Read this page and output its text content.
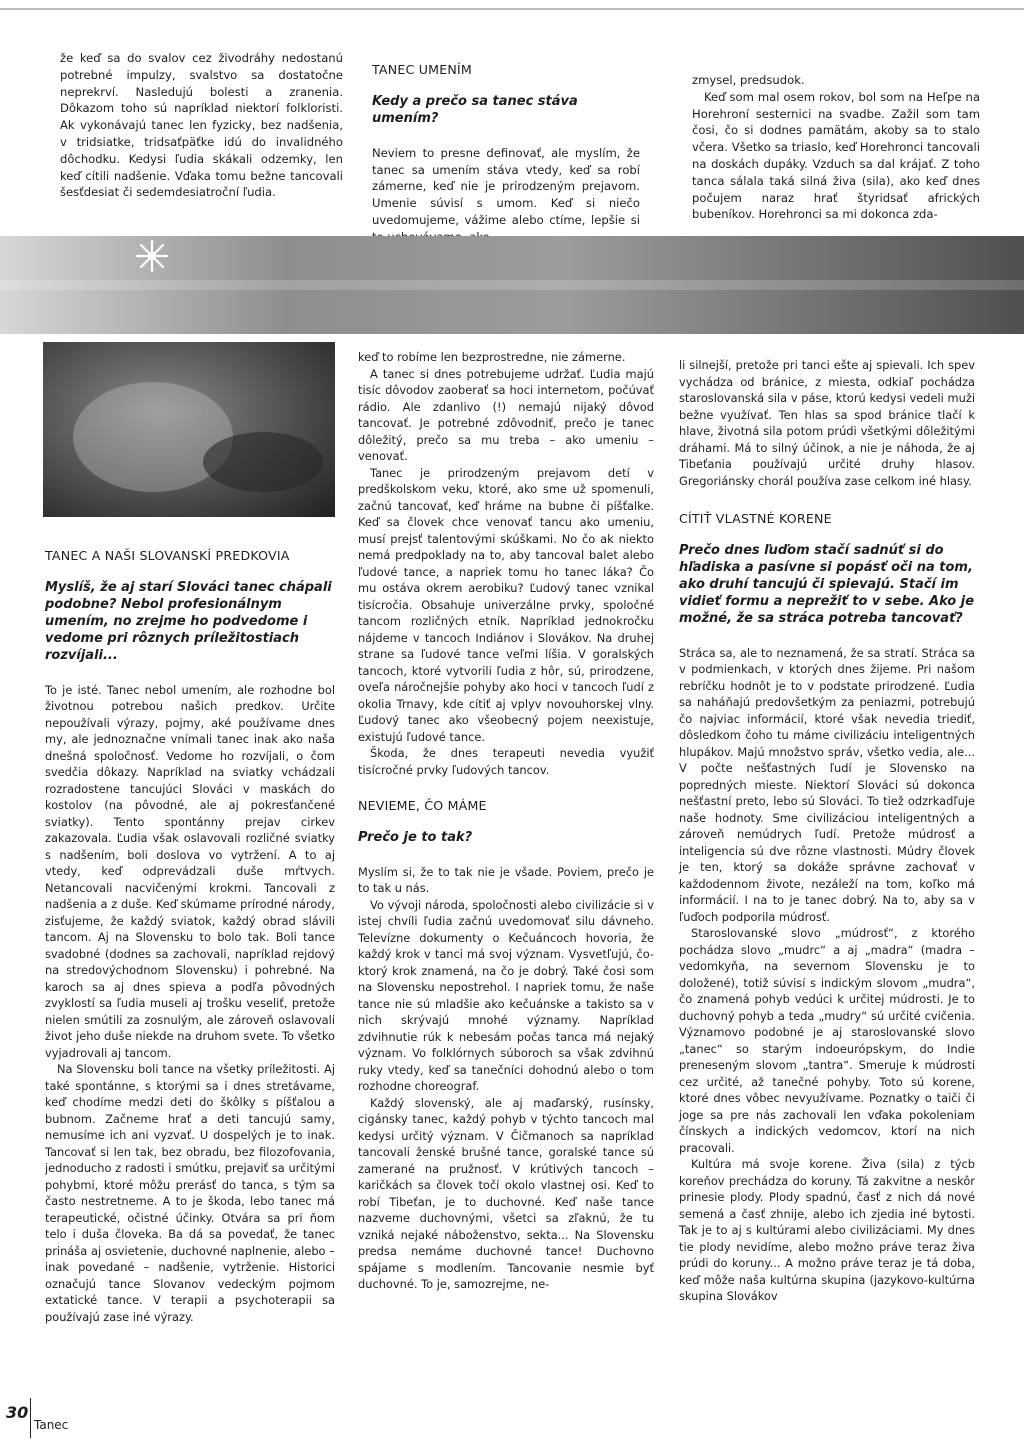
že keď sa do svalov cez živodráhy nedostanú potrebné impulzy, svalstvo sa dostatočne neprekrví. Nasledujú bolesti a zranenia. Dôkazom toho sú napríklad niektorí folkloristi. Ak vykonávajú tanec len fyzicky, bez nadšenia, v tridsiatke, tridsaťpäťke idú do invalidného dôchodku. Kedysi ľudia skákali odzemky, len keď cítili nadšenie. Vďaka tomu bežne tancovali šesťdesiat či sedemdesiatroční ľudia.

TANEC UMENÍM
Kedy a prečo sa tanec stáva umením?

Neviem to presne definovať, ale myslím, že tanec sa umením stáva vtedy, keď sa robí zámerne, keď nie je prirodzeným prejavom. Umenie súvisí s umom. Keď si niečo uvedomujeme, vážime alebo ctíme, lepšie si

zmysel, predsudok.

Keď som mal osem rokov, bol som na Heľpe na Horehroní sesternici na svadbe. Zažil som tam čosi, čo si dodnes pamätám, akoby sa to stalo včera. Všetko sa triaslo, keď Horehronci tancovali na doskách dupáky. Vzduch sa dal krájať. Z toho tanca sálala taká silná živa (sila), ako keď dnes počujem naraz hrať štyridsať afrických bubeníkov. Horehronci sa mi dokonca zda-

TANEC A NAŠI SLOVANSKÍ PREDKOVIA
Myslíš, že aj starí Slováci tanec chápali podobne? Nebol profesionálnym umením, no zrejme ho podvedome i vedome pri rôznych príležitostiach rozvíjali...

To je isté. Tanec nebol umením, ale rozhodne bol životnou potrebou našich predkov. Určite nepoužívali výrazy, pojmy, aké používame dnes my, ale jednoznačne vnímali tanec inak ako naša dnešná spoločnosť. Vedome ho rozvíjali, o čom svedčia dôkazy. Napríklad na sviatky vchádzali rozradostene tancujúci Slováci v maskách do kostolov (na pôvodné, ale aj pokresťančené sviatky). Tento spontánny prejav cirkev zakazovala. Ľudia však oslavovali rozličné sviatky s nadšením, boli doslova vo vytržení. A to aj vtedy, keď odprevádzali duše mŕtvych. Netancovali nacvičenými krokmi. Tancovali z nadšenia a z duše. Keď skúmame prírodné národy, zisťujeme, že každý sviatok, každý obrad slávili tancom. Aj na Slovensku to bolo tak. Boli tance svadobné (dodnes sa zachovali, napríklad rejdový na stredovýchodnom Slovensku) i pohrebné. Na karoch sa aj dnes spieva a podľa pôvodných zvyklostí sa ľudia museli aj trošku veseliť, pretože nielen smútili za zosnulým, ale zároveň oslavovali život jeho duše niekde na druhom svete. To všetko vyjadrovali aj tancom.

Na Slovensku boli tance na všetky príležitosti. Aj také spontánne, s ktorými sa i dnes stretávame, keď chodíme medzi deti do škôlky s píšťalou a bubnom. Začneme hrať a deti tancujú samy, nemusíme ich ani vyzvať. U dospelých je to inak. Tancovať si len tak, bez obradu, bez filozofovania, jednoducho z radosti i smútku, prejaviť sa určitými pohybmi, ktoré môžu prerásť do tanca, s tým sa často nestretneme. A to je škoda, lebo tanec má terapeutické, očistné účinky. Otvára sa pri ňom telo i duša človeka. Ba dá sa povedať, že tanec prináša aj osvietenie, duchovné naplnenie, alebo – inak povedané – nadšenie, vytrženie. Historici označujú tance Slovanov vedeckým pojmom extatické tance. V terapii a psychoterapii sa používajú zase iné výrazy.

keď to robíme len bezprostredne, nie zámerne.

A tanec si dnes potrebujeme udržať. Ľudia majú tisíc dôvodov zaoberať sa hoci internetom, počúvať rádio. Ale zdanlivo (!) nemajú nijaký dôvod tancovať. Je potrebné zdôvodniť, prečo je tanec dôležitý, prečo sa mu treba – ako umeniu – venovať.

Tanec je prirodzeným prejavom detí v predškolskom veku, ktoré, ako sme už spomenuli, začnú tancovať, keď hráme na bubne či píšťalke. Keď sa človek chce venovať tancu ako umeniu, musí prejsť talentovými skúškami. No čo ak niekto nemá predpoklady na to, aby tancoval balet alebo ľudové tance, a napriek tomu ho tanec láka? Čo mu ostáva okrem aerobiku? Ľudový tanec vznikal tisícročia. Obsahuje univerzálne prvky, spoločné tancom rozličných etník. Napríklad jednokročku nájdeme v tancoch Indiánov i Slovákov. Na druhej strane sa ľudové tance veľmi líšia. V goralských tancoch, ktoré vytvorili ľudia z hôr, sú, prirodzene, oveľa náročnejšie pohyby ako hoci v tancoch ľudí z okolia Trnavy, kde cítiť aj vplyv novouhorskej vlny. Ľudový tanec ako všeobecný pojem neexistuje, existujú ľudové tance.

Škoda, že dnes terapeuti nevedia využiť tisícročné prvky ľudových tancov.

NEVIEME, ČO MÁME
Prečo je to tak?

Myslím si, že to tak nie je všade. Poviem, prečo je to tak u nás.

Vo vývoji národa, spoločnosti alebo civilizácie si v istej chvíli ľudia začnú uvedomovať silu dávneho. Televízne dokumenty o Kečuáncoch hovoria, že každý krok v tanci má svoj význam. Vysvetľujú, čo-ktorý krok znamená, na čo je dobrý. Také čosi som na Slovensku nepostrehol. I napriek tomu, že naše tance nie sú mladšie ako kečuánske a takisto sa v nich skrývajú mnohé významy. Napríklad zdvihnutie rúk k nebesám počas tanca má nejaký význam. Vo folklórnych súboroch sa však zdvihnú ruky vtedy, keď sa tanečníci dohodnú alebo o tom rozhodne choreograf.

Každý slovenský, ale aj maďarský, rusínsky, cigánsky tanec, každý pohyb v týchto tancoch mal kedysi určitý význam. V Čičmanoch sa napríklad tancovali ženské brušné tance, goralské tance sú zamerané na pružnosť. V krútivých tancoch – karičkách sa človek točí okolo vlastnej osi. Keď to robí Tibeťan, je to duchovné. Keď naše tance nazveme duchovnými, všetci sa zľaknú, že tu vzniká nejaké náboženstvo, sekta... Na Slovensku predsa nemáme duchovné tance! Duchovno spájame s modlením. Tancovanie nesmie byť duchovné. To je, samozrejme, ne-

li silnejší, pretože pri tanci ešte aj spievali. Ich spev vychádza od bránice, z miesta, odkiaľ pochádza staroslovanská sila v páse, ktorú kedysi vedeli muži bežne využívať. Ten hlas sa spod bránice tlačí k hlave, životná sila potom prúdi všetkými dôležitými dráhami. Má to silný účinok, a nie je náhoda, že aj Tibeťania používajú určité druhy hlasov. Gregoriánsky chorál používa zase celkom iné hlasy.

CÍTIŤ VLASTNÉ KORENE
Prečo dnes ľuďom stačí sadnúť si do hľadiska a pasívne si popásť oči na tom, ako druhí tancujú či spievajú. Stačí im vidieť formu a neprežiť to v sebe. Ako je možné, že sa stráca potreba tancovať?

Stráca sa, ale to neznamená, že sa stratí. Stráca sa v podmienkach, v ktorých dnes žijeme. Pri našom rebríčku hodnôt je to v podstate prirodzené. Ľudia sa naháňajú predovšetkým za peniazmi, potrebujú čo najviac informácií, ktoré však nevedia triediť, dôsledkom čoho tu máme civilizáciu inteligentných hlupákov. Majú množstvo správ, všetko vedia, ale... V počte nešťastných ľudí je Slovensko na popredných mieste. Niektorí Slováci sú dokonca nešťastní preto, lebo sú Slováci. To tiež odzrkadľuje naše hodnoty. Sme civilizáciou inteligentných a zároveň nemúdrych ľudí. Pretože múdrosť a inteligencia sú dve rôzne vlastnosti. Múdry človek je ten, ktorý sa dokáže správne zachovať v každodennom živote, nezáleží na tom, koľko má informácií. I na to je tanec dobrý. Na to, aby sa v ľuďoch podporila múdrosť.

Staroslovanské slovo „múdrosť“, z ktorého pochádza slovo „mudrc“ a aj „madra“ (madra – vedomkyňa, na severnom Slovensku je to doložené), totiž súvisí s indickým slovom „mudra“, čo znamená pohyb vedúci k určitej múdrosti. Je to duchovný pohyb a teda „mudry“ sú určité cvičenia. Významovo podobné je aj staroslovanské slovo „tanec“ so starým indoeurópskym, do Indie preneseným slovom „tantra“. Smeruje k múdrosti cez určité, až tanečné pohyby. Toto sú korene, ktoré dnes vôbec nevyužívame. Poznatky o taiči či joge sa pre nás zachovali len vďaka pokoleniam čínskych a indických vedomcov, ktorí na nich pracovali.

Kultúra má svoje korene. Živa (sila) z týcb koreňov prechádza do koruny. Tá zakvitne a neskôr prinesie plody. Plody spadnú, časť z nich dá nové semená a časť zhnije, alebo ich zjedia iné bytosti. Tak je to aj s kultúrami alebo civilizáciami. My dnes tie plody nevidíme, alebo možno práve teraz živa prúdi do koruny... A možno práve teraz je tá doba, keď môže naša kultúrna skupina (jazykovo-kultúrna skupina Slovákov

30
Tanec
